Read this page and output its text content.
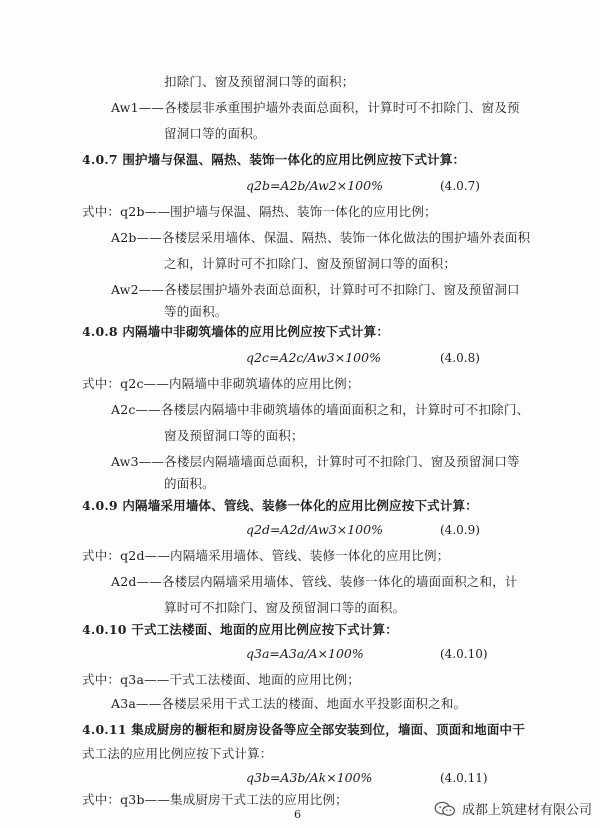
扣除门、窗及预留洞口等的面积；
Aw1——各楼层非承重围护墙外表面总面积，计算时可不扣除门、窗及预
留洞口等的面积。
4.0.7 围护墙与保温、隔热、装饰一体化的应用比例应按下式计算：
q2b=A2b/Aw2×100%	(4.0.7)
式中：q2b——围护墙与保温、隔热、装饰一体化的应用比例；
A2b——各楼层采用墙体、保温、隔热、装饰一体化做法的围护墙外表面积
之和，计算时可不扣除门、窗及预留洞口等的面积；
Aw2——各楼层围护墙外表面总面积，计算时可不扣除门、窗及预留洞口
等的面积。
4.0.8 内隔墙中非砌筑墙体的应用比例应按下式计算：
q2c=A2c/Aw3×100%	(4.0.8)
式中：q2c——内隔墙中非砌筑墙体的应用比例；
A2c——各楼层内隔墙中非砌筑墙体的墙面面积之和，计算时可不扣除门、
窗及预留洞口等的面积；
Aw3——各楼层内隔墙墙面总面积，计算时可不扣除门、窗及预留洞口等
的面积。
4.0.9 内隔墙采用墙体、管线、装修一体化的应用比例应按下式计算：
q2d=A2d/Aw3×100%	(4.0.9)
式中：q2d——内隔墙采用墙体、管线、装修一体化的应用比例；
A2d——各楼层内隔墙采用墙体、管线、装修一体化的墙面面积之和，计
算时可不扣除门、窗及预留洞口等的面积。
4.0.10 干式工法楼面、地面的应用比例应按下式计算：
q3a=A3a/A×100%	(4.0.10)
式中：q3a——干式工法楼面、地面的应用比例；
A3a——各楼层采用干式工法的楼面、地面水平投影面积之和。
4.0.11 集成厨房的橱柜和厨房设备等应全部安装到位，墙面、顶面和地面中干
式工法的应用比例应按下式计算：
q3b=A3b/Ak×100%	(4.0.11)
式中：q3b——集成厨房干式工法的应用比例；
6	成都上筑建材有限公司
